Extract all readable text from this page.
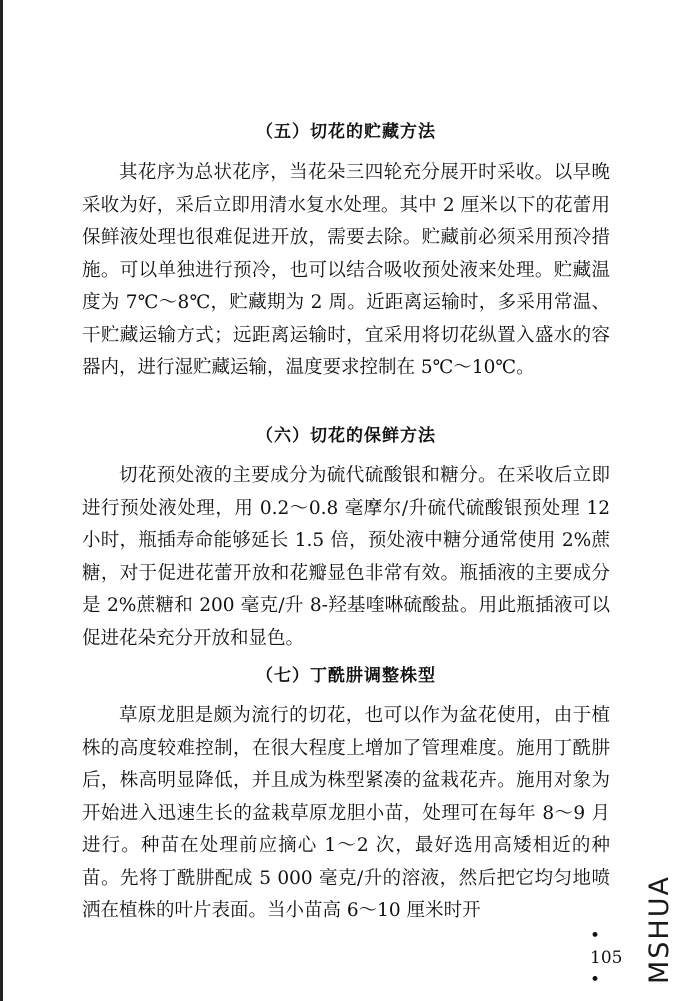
（五）切花的贮藏方法

其花序为总状花序，当花朵三四轮充分展开时采收。以早晚采收为好，采后立即用清水复水处理。其中 2 厘米以下的花蕾用保鲜液处理也很难促进开放，需要去除。贮藏前必须采用预冷措施。可以单独进行预冷，也可以结合吸收预处液来处理。贮藏温度为 7℃～8℃，贮藏期为 2 周。近距离运输时，多采用常温、干贮藏运输方式；远距离运输时，宜采用将切花纵置入盛水的容器内，进行湿贮藏运输，温度要求控制在 5℃～10℃。

（六）切花的保鲜方法

切花预处液的主要成分为硫代硫酸银和糖分。在采收后立即进行预处液处理，用 0.2～0.8 毫摩尔/升硫代硫酸银预处理 12 小时，瓶插寿命能够延长 1.5 倍，预处液中糖分通常使用 2%蔗糖，对于促进花蕾开放和花瓣显色非常有效。瓶插液的主要成分是 2%蔗糖和 200 毫克/升 8-羟基喹啉硫酸盐。用此瓶插液可以促进花朵充分开放和显色。

（七）丁酰肼调整株型

草原龙胆是颇为流行的切花，也可以作为盆花使用，由于植株的高度较难控制，在很大程度上增加了管理难度。施用丁酰肼后，株高明显降低，并且成为株型紧凑的盆栽花卉。施用对象为开始进入迅速生长的盆栽草原龙胆小苗，处理可在每年 8～9 月进行。种苗在处理前应摘心 1～2 次，最好选用高矮相近的种苗。先将丁酰肼配成 5 000 毫克/升的溶液，然后把它均匀地喷洒在植株的叶片表面。当小苗高 6～10 厘米时开

• 105 •	MSHUA
